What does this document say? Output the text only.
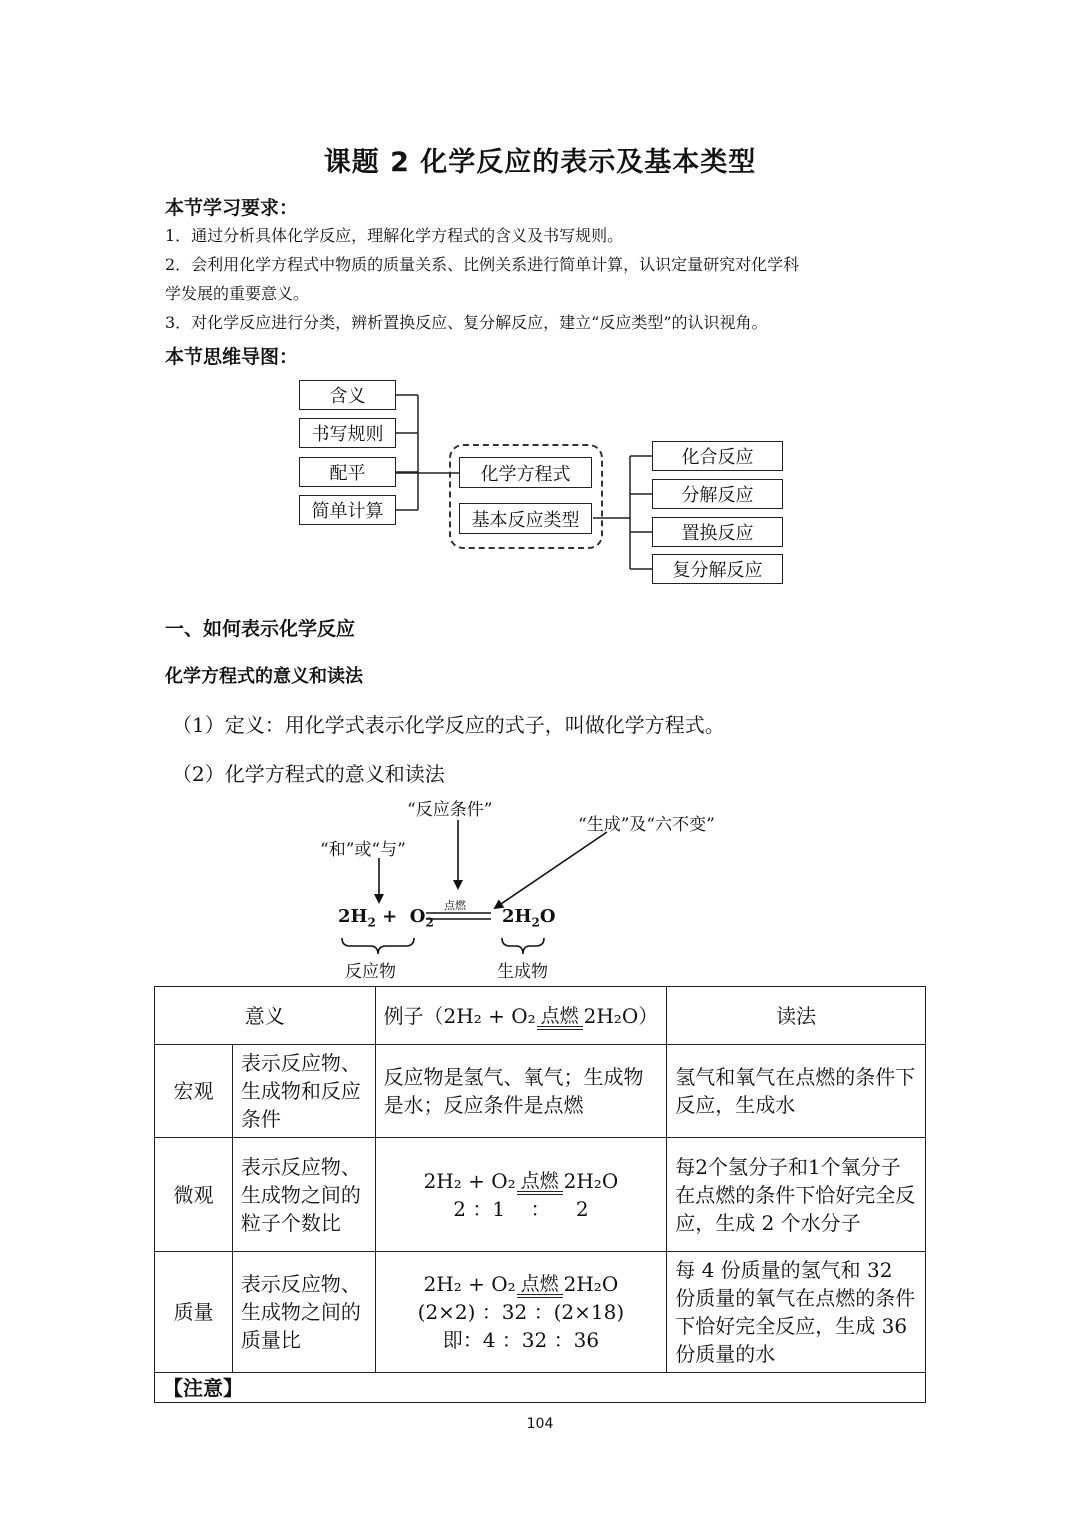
课题 2 化学反应的表示及基本类型
本节学习要求：
1．通过分析具体化学反应，理解化学方程式的含义及书写规则。
2．会利用化学方程式中物质的质量关系、比例关系进行简单计算，认识定量研究对化学科
学发展的重要意义。
3．对化学反应进行分类，辨析置换反应、复分解反应，建立“反应类型”的认识视角。
本节思维导图：
含义
书写规则
配平
简单计算
化学方程式
基本反应类型
化合反应
分解反应
置换反应
复分解反应
一、如何表示化学反应
化学方程式的意义和读法
（1）定义：用化学式表示化学反应的式子，叫做化学方程式。
（2）化学方程式的意义和读法
“反应条件”
“生成”及“六不变”
“和”或“与”
$2H_2 + O_2$
点燃
$2H_2O$
反应物	生成物
意义		例子（2H₂ + O₂ 点燃 2H₂O）	读法
宏观	表示反应物、生成物和反应条件	反应物是氢气、氧气；生成物是水；反应条件是点燃	氢气和氧气在点燃的条件下反应，生成水
微观	表示反应物、生成物之间的粒子个数比	2H₂ + O₂ 点燃 2H₂O
2 ：1    ：    2	每2个氢分子和1个氧分子在点燃的条件下恰好完全反应，生成 2 个水分子
质量	表示反应物、生成物之间的质量比	2H₂ + O₂ 点燃 2H₂O
(2×2) ：32 ：(2×18)
即：4 ：32 ：36	每 4 份质量的氢气和 32 份质量的氧气在点燃的条件下恰好完全反应，生成 36 份质量的水
【注意】			
104
